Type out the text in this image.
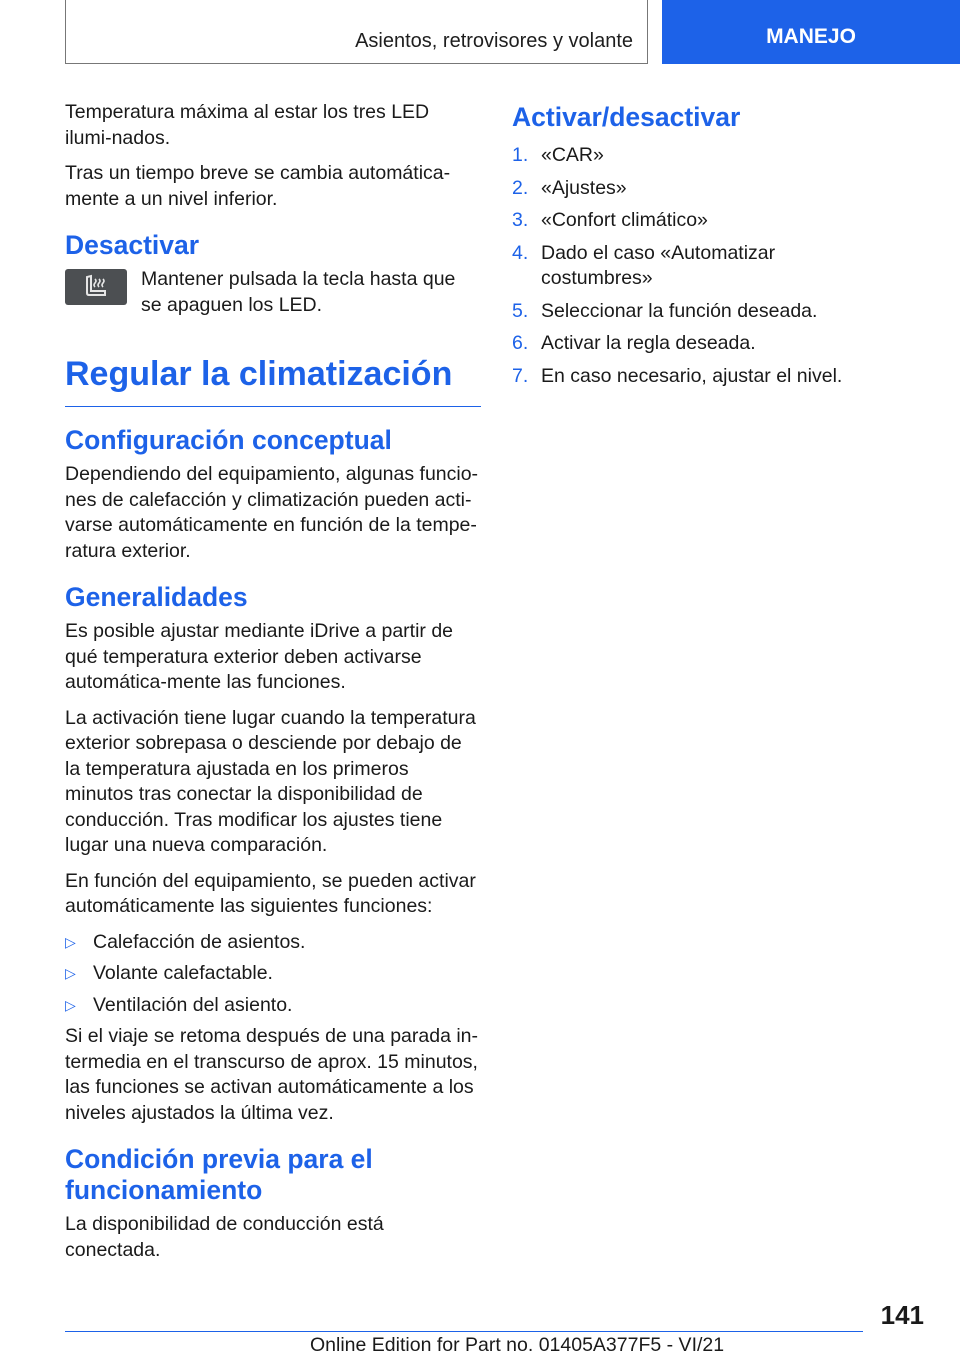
Asientos, retrovisores y volante	MANEJO

Temperatura máxima al estar los tres LED ilumi-nados.

Tras un tiempo breve se cambia automática-mente a un nivel inferior.

Desactivar

Mantener pulsada la tecla hasta que se apaguen los LED.

Regular la climatización
Configuración conceptual

Dependiendo del equipamiento, algunas funcio-nes de calefacción y climatización pueden acti-varse automáticamente en función de la tempe-ratura exterior.

Generalidades

Es posible ajustar mediante iDrive a partir de qué temperatura exterior deben activarse automática-mente las funciones.

La activación tiene lugar cuando la temperatura exterior sobrepasa o desciende por debajo de la temperatura ajustada en los primeros minutos tras conectar la disponibilidad de conducción. Tras modificar los ajustes tiene lugar una nueva comparación.

En función del equipamiento, se pueden activar automáticamente las siguientes funciones:

▷ Calefacción de asientos.
▷ Volante calefactable.
▷ Ventilación del asiento.

Si el viaje se retoma después de una parada in-termedia en el transcurso de aprox. 15 minutos, las funciones se activan automáticamente a los niveles ajustados la última vez.

Condición previa para el funcionamiento

La disponibilidad de conducción está conectada.

Activar/desactivar
1. «CAR»
2. «Ajustes»
3. «Confort climático»
4. Dado el caso «Automatizar costumbres»
5. Seleccionar la función deseada.
6. Activar la regla deseada.
7. En caso necesario, ajustar el nivel.
141
Online Edition for Part no. 01405A377F5 - VI/21
